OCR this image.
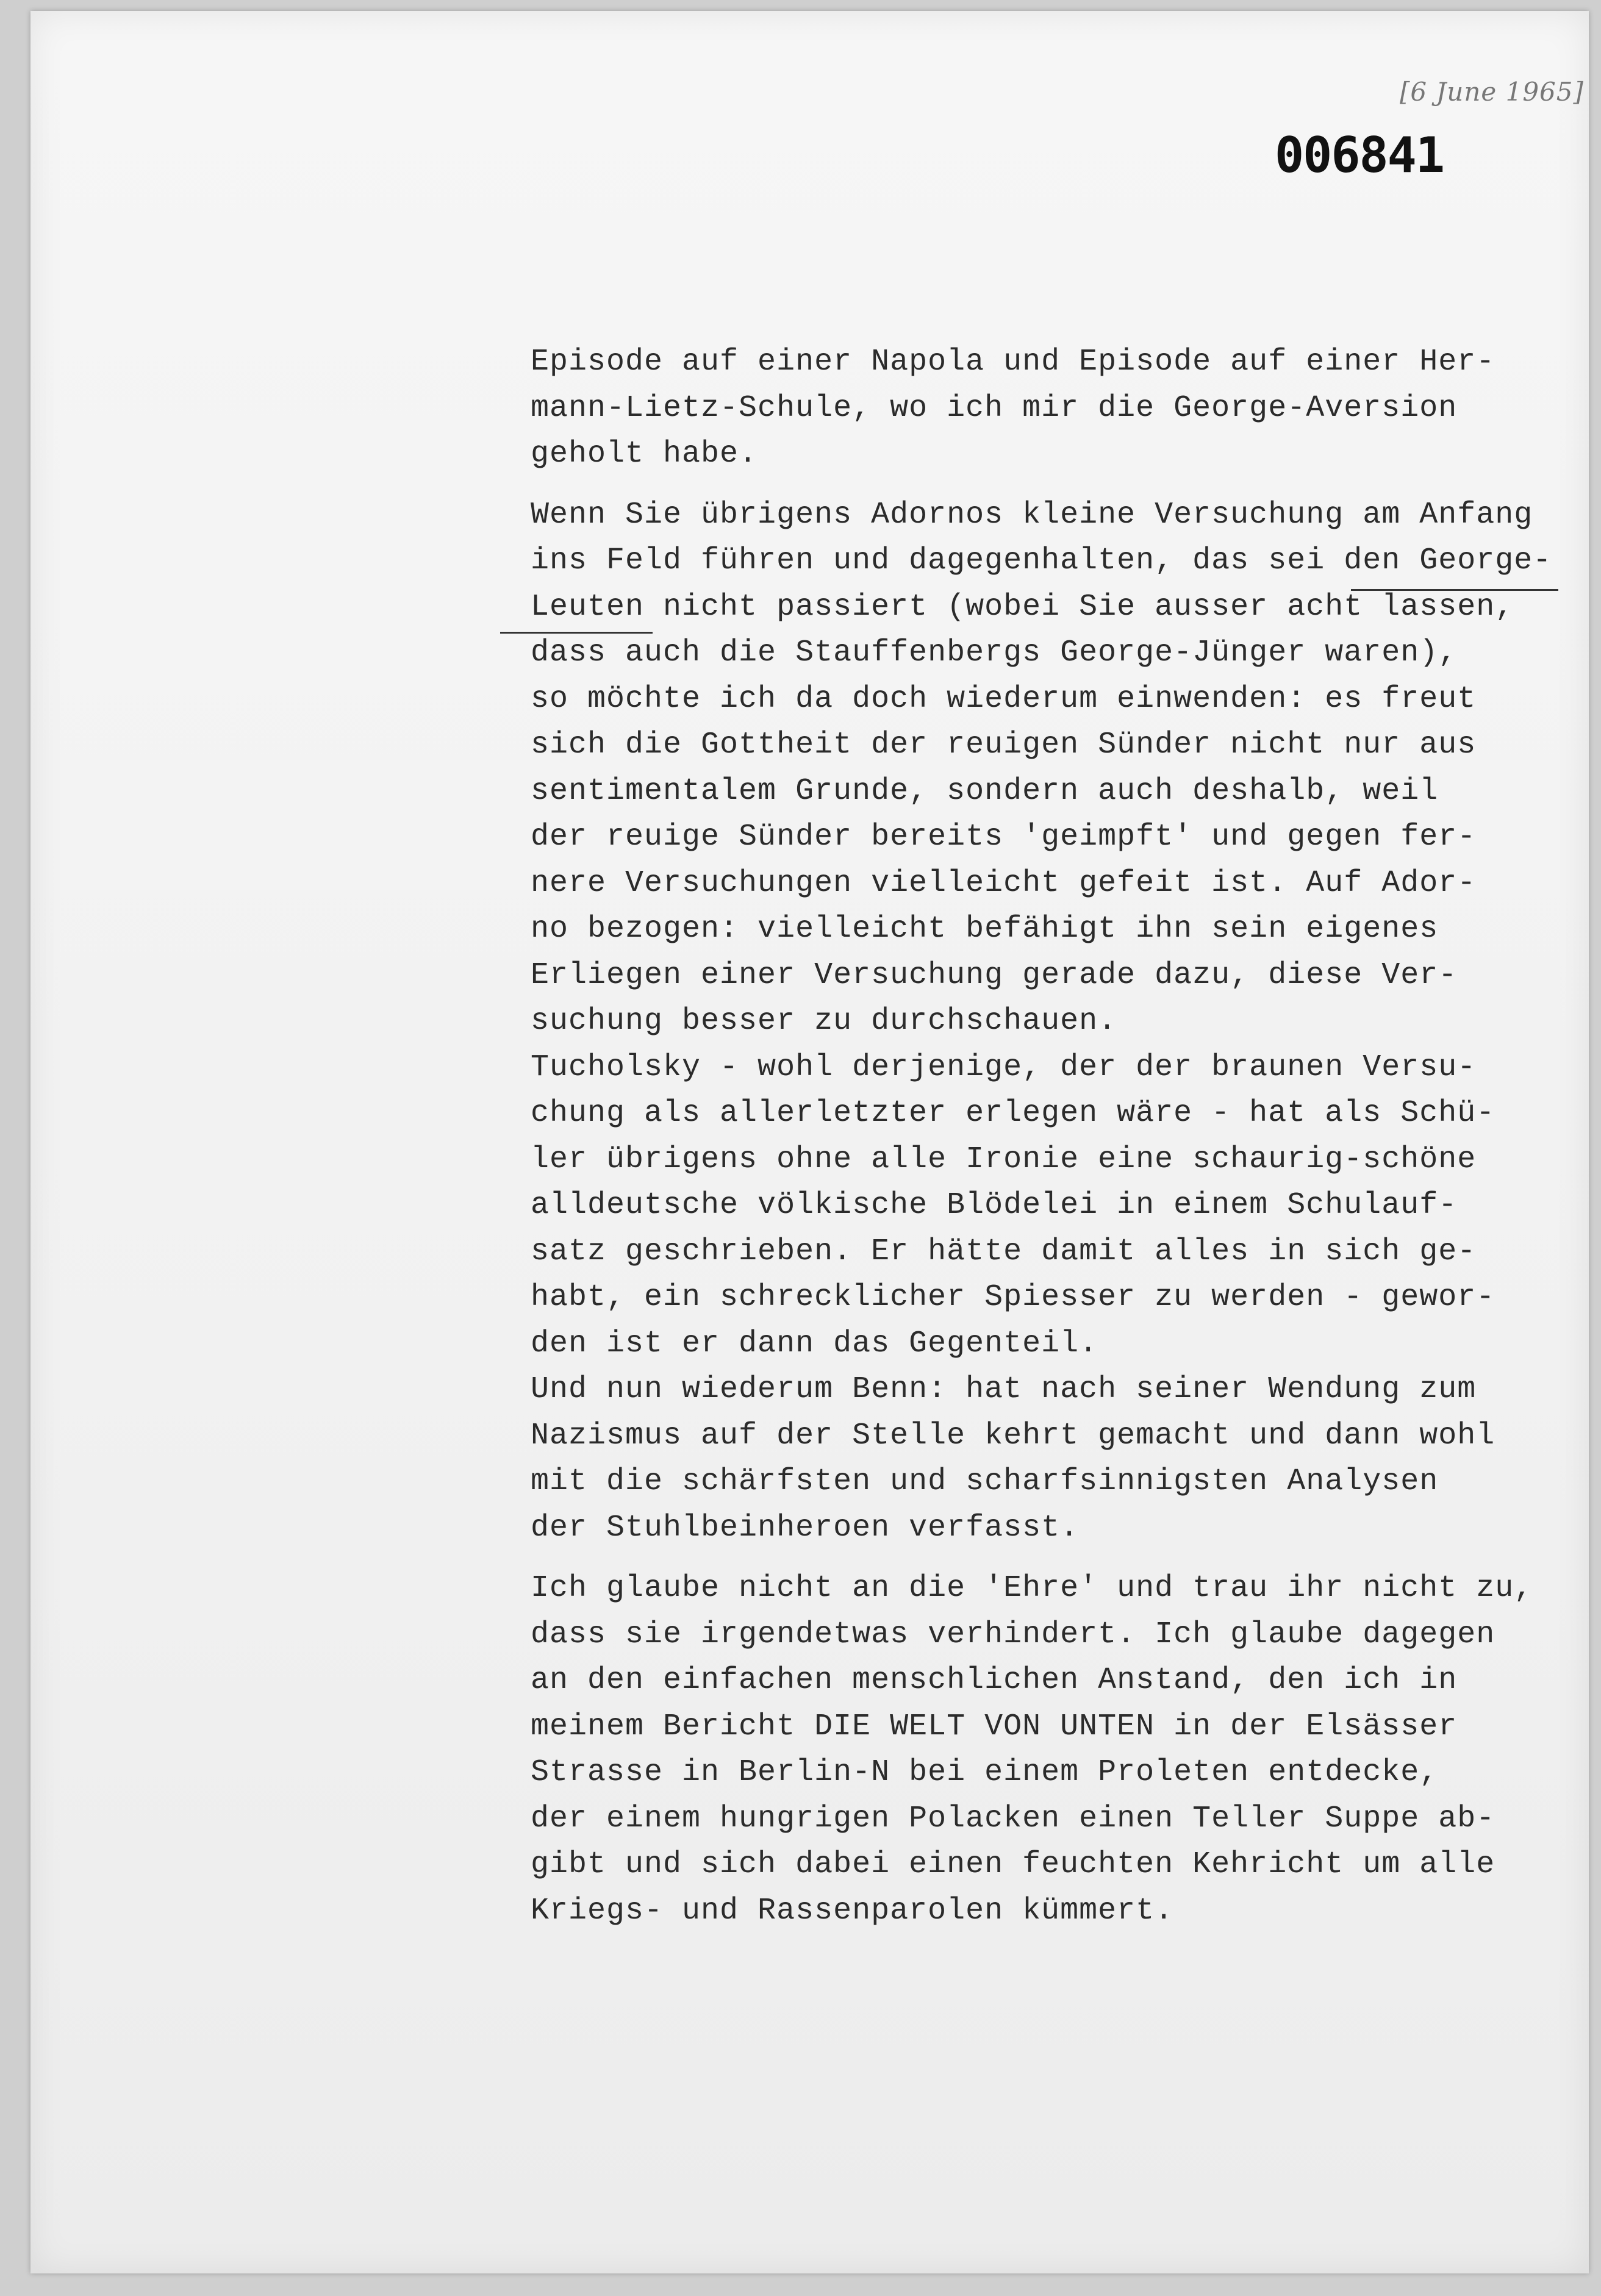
[6 June 1965]
006841
Episode auf einer Napola und Episode auf einer Her-
mann-Lietz-Schule, wo ich mir die George-Aversion
geholt habe.
Wenn Sie übrigens Adornos kleine Versuchung am Anfang
ins Feld führen und dagegenhalten, das sei den George-
Leuten nicht passiert (wobei Sie ausser acht lassen,
dass auch die Stauffenbergs George-Jünger waren),
so möchte ich da doch wiederum einwenden: es freut
sich die Gottheit der reuigen Sünder nicht nur aus
sentimentalem Grunde, sondern auch deshalb, weil
der reuige Sünder bereits 'geimpft' und gegen fer-
nere Versuchungen vielleicht gefeit ist. Auf Ador-
no bezogen: vielleicht befähigt ihn sein eigenes
Erliegen einer Versuchung gerade dazu, diese Ver-
suchung besser zu durchschauen.
Tucholsky - wohl derjenige, der der braunen Versu-
chung als allerletzter erlegen wäre - hat als Schü-
ler übrigens ohne alle Ironie eine schaurig-schöne
alldeutsche völkische Blödelei in einem Schulauf-
satz geschrieben. Er hätte damit alles in sich ge-
habt, ein schrecklicher Spiesser zu werden - gewor-
den ist er dann das Gegenteil.
Und nun wiederum Benn: hat nach seiner Wendung zum
Nazismus auf der Stelle kehrt gemacht und dann wohl
mit die schärfsten und scharfsinnigsten Analysen
der Stuhlbeinheroen verfasst.
Ich glaube nicht an die 'Ehre' und trau ihr nicht zu,
dass sie irgendetwas verhindert. Ich glaube dagegen
an den einfachen menschlichen Anstand, den ich in
meinem Bericht DIE WELT VON UNTEN in der Elsässer
Strasse in Berlin-N bei einem Proleten entdecke,
der einem hungrigen Polacken einen Teller Suppe ab-
gibt und sich dabei einen feuchten Kehricht um alle
Kriegs- und Rassenparolen kümmert.
